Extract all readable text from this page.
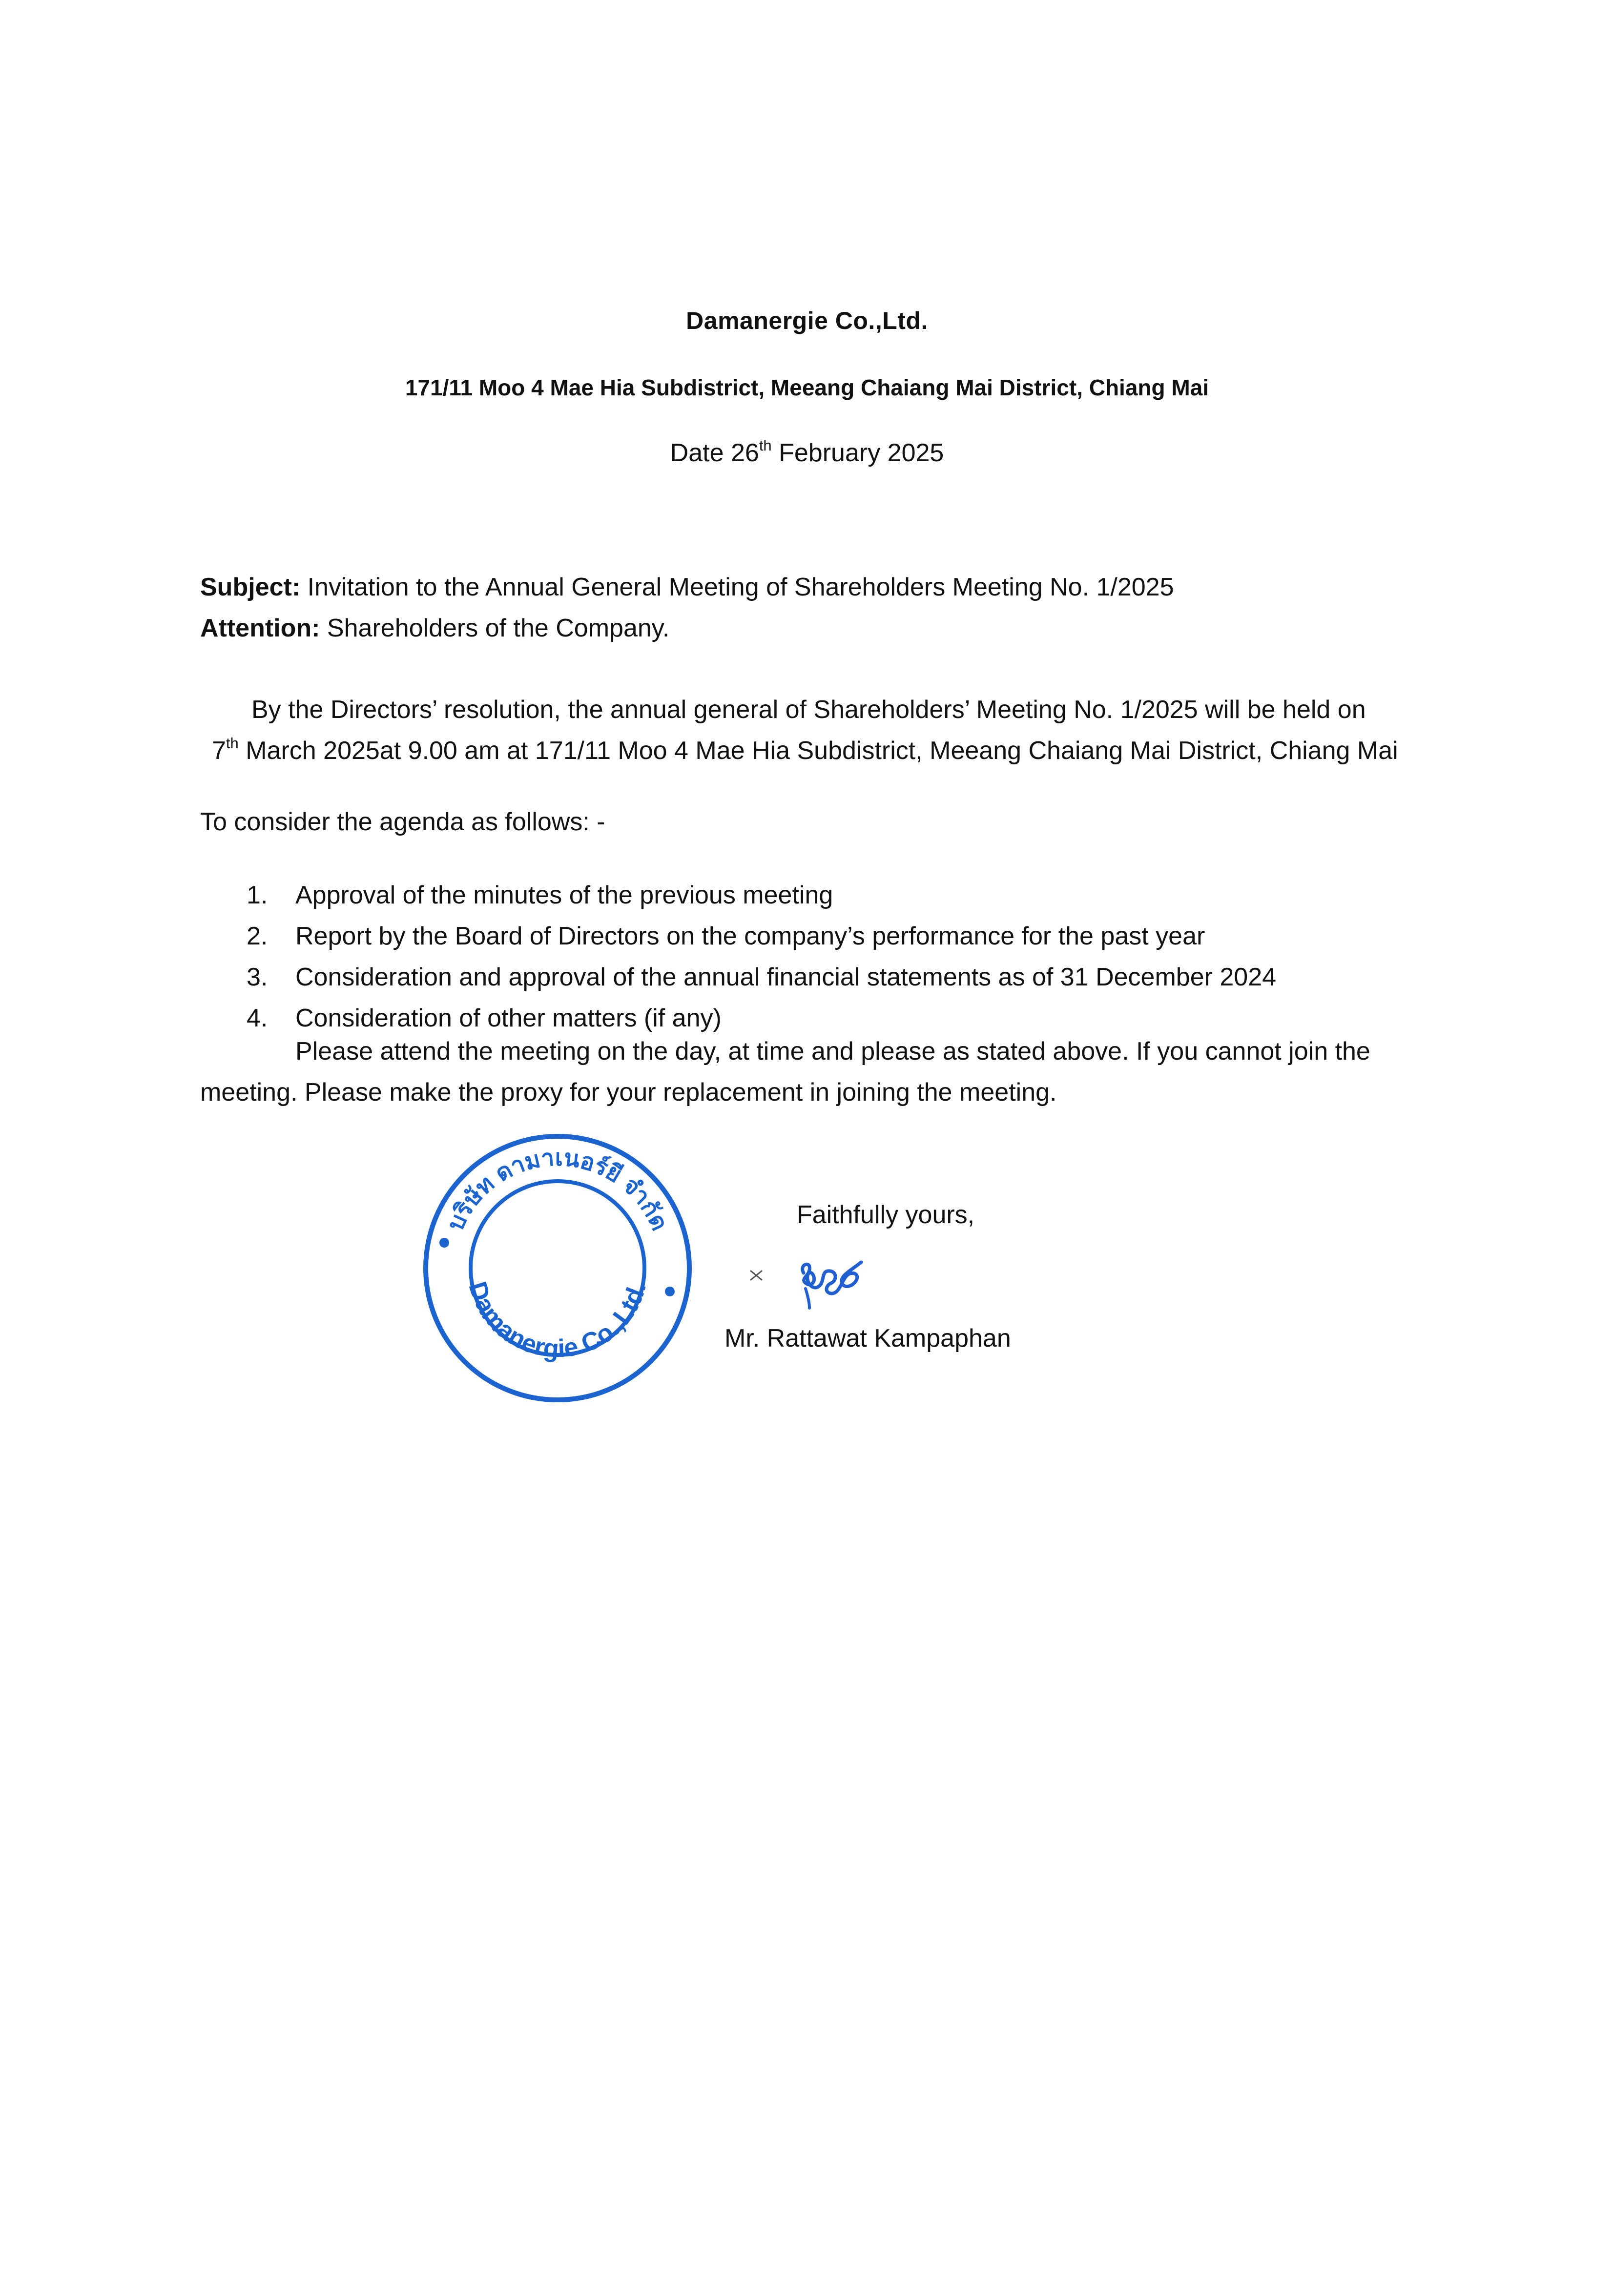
Damanergie Co.,Ltd.
171/11 Moo 4 Mae Hia Subdistrict, Meeang Chaiang Mai District, Chiang Mai
Date 26th February 2025
Subject: Invitation to the Annual General Meeting of Shareholders Meeting No. 1/2025
Attention: Shareholders of the Company.
By the Directors’ resolution, the annual general of Shareholders’ Meeting No. 1/2025 will be held on
7th March 2025at 9.00 am at 171/11 Moo 4 Mae Hia Subdistrict, Meeang Chaiang Mai District, Chiang Mai
To consider the agenda as follows: -
1.	Approval of the minutes of the previous meeting
2.	Report by the Board of Directors on the company’s performance for the past year
3.	Consideration and approval of the annual financial statements as of 31 December 2024
4.	Consideration of other matters (if any)
Please attend the meeting on the day, at time and please as stated above. If you cannot join the
meeting. Please make the proxy for your replacement in joining the meeting.
บริษัท ดามาเนอร์ยี จำกัด
Damanergie Co.,Ltd.
Faithfully yours,
Mr. Rattawat Kampaphan
